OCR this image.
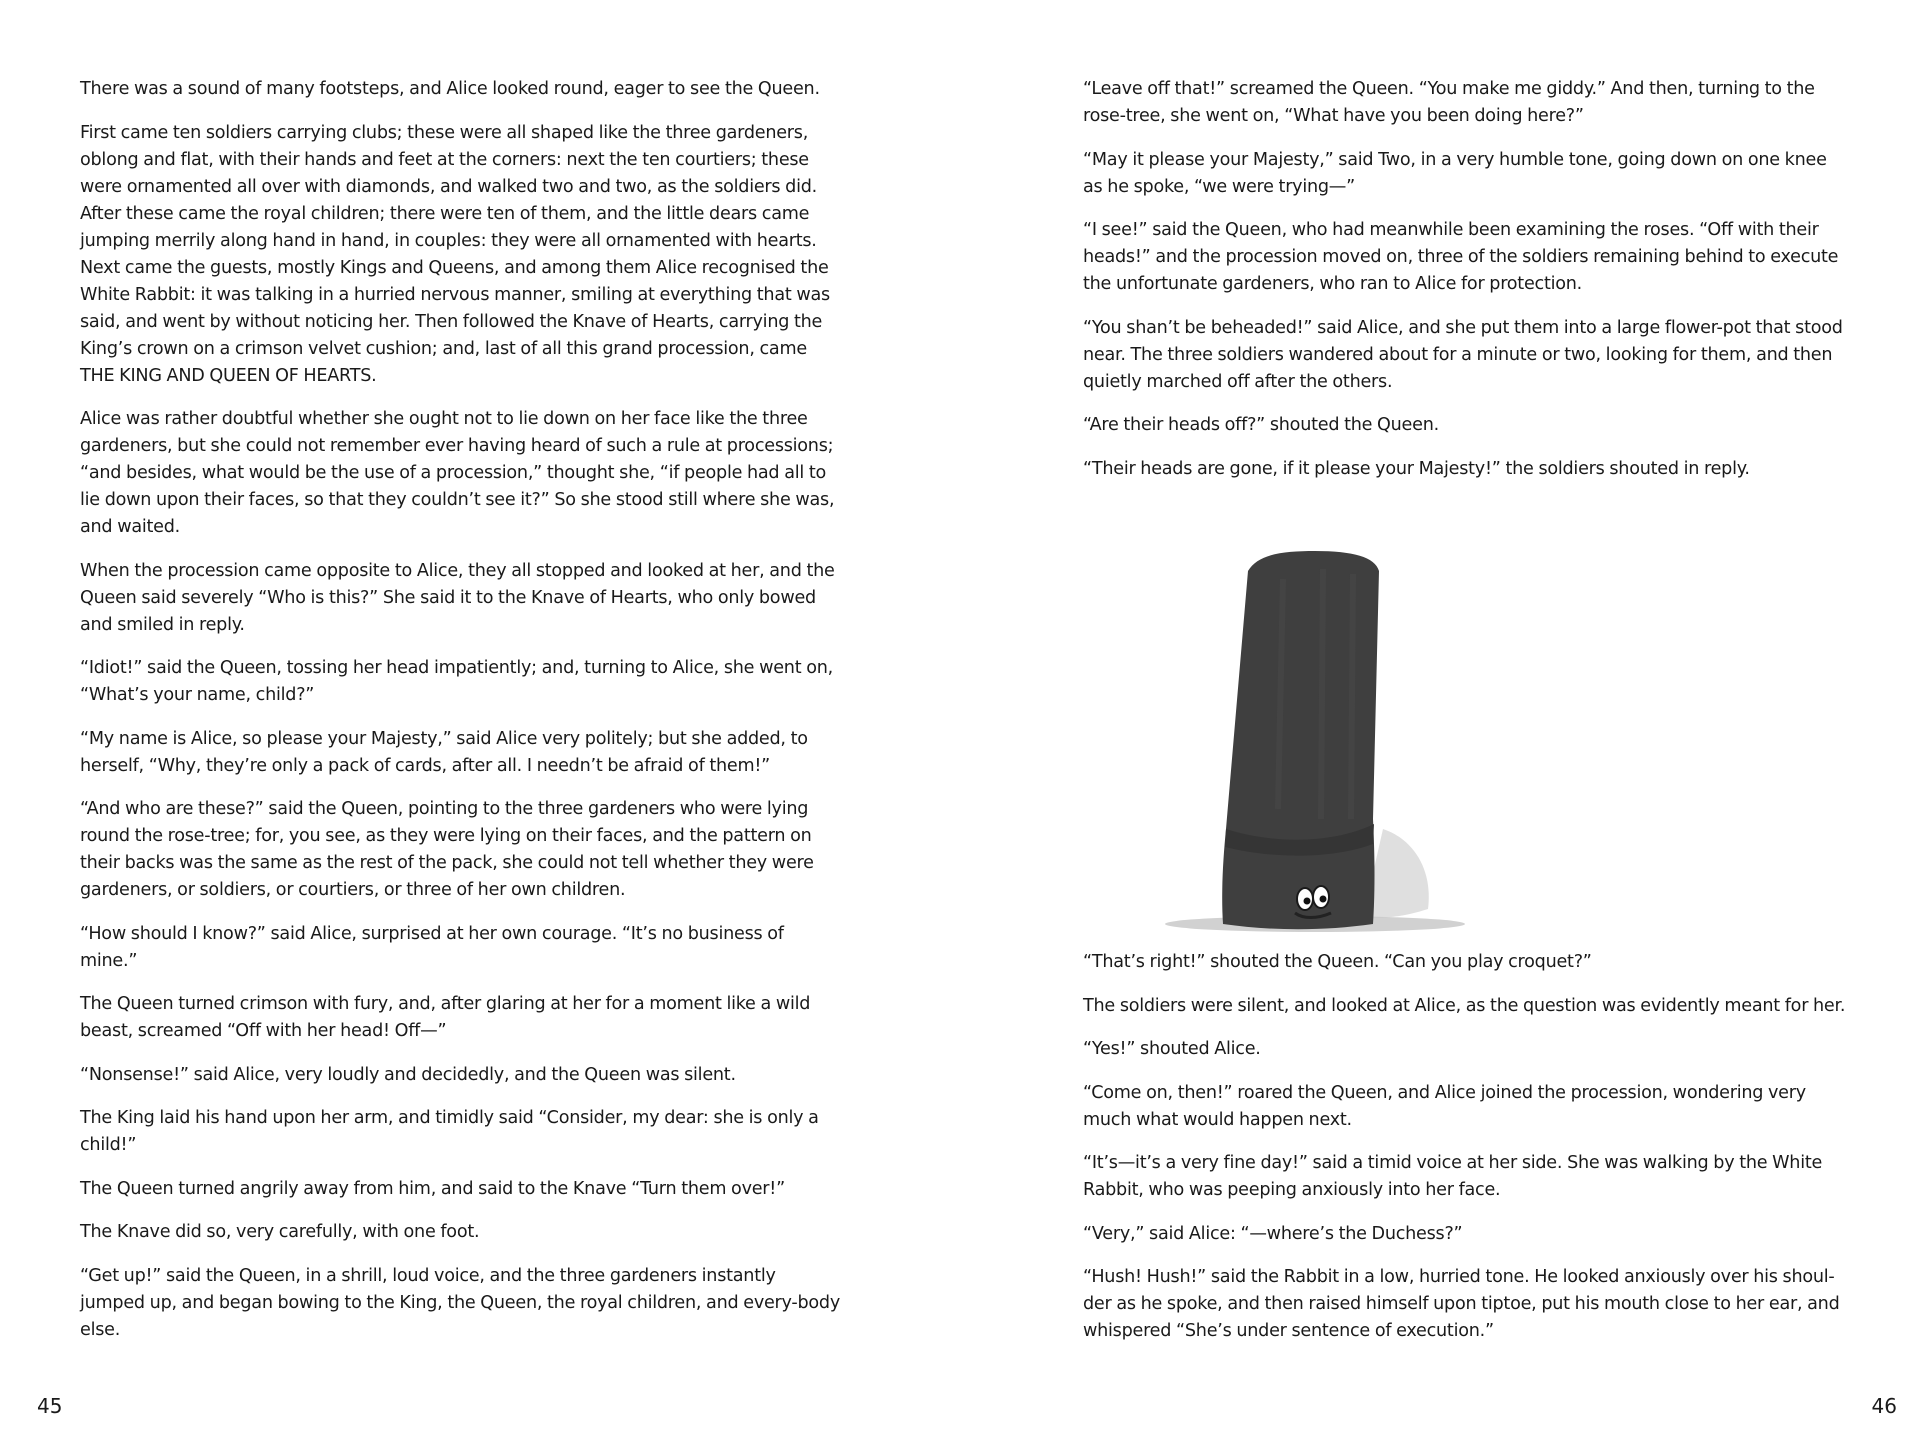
There was a sound of many footsteps, and Alice looked round, eager to see the Queen.

First came ten soldiers carrying clubs; these were all shaped like the three gardeners, oblong and flat, with their hands and feet at the corners: next the ten courtiers; these were ornamented all over with diamonds, and walked two and two, as the soldiers did. After these came the royal children; there were ten of them, and the little dears came jumping merrily along hand in hand, in couples: they were all ornamented with hearts. Next came the guests, mostly Kings and Queens, and among them Alice recognised the White Rabbit: it was talking in a hurried nervous manner, smiling at everything that was said, and went by without noticing her. Then followed the Knave of Hearts, carrying the King’s crown on a crimson velvet cushion; and, last of all this grand procession, came THE KING AND QUEEN OF HEARTS.

Alice was rather doubtful whether she ought not to lie down on her face like the three gardeners, but she could not remember ever having heard of such a rule at processions; “and besides, what would be the use of a procession,” thought she, “if people had all to lie down upon their faces, so that they couldn’t see it?” So she stood still where she was, and waited.

When the procession came opposite to Alice, they all stopped and looked at her, and the Queen said severely “Who is this?” She said it to the Knave of Hearts, who only bowed and smiled in reply.

“Idiot!” said the Queen, tossing her head impatiently; and, turning to Alice, she went on, “What’s your name, child?”

“My name is Alice, so please your Majesty,” said Alice very politely; but she added, to herself, “Why, they’re only a pack of cards, after all. I needn’t be afraid of them!”

“And who are these?” said the Queen, pointing to the three gardeners who were lying round the rose-tree; for, you see, as they were lying on their faces, and the pattern on their backs was the same as the rest of the pack, she could not tell whether they were gardeners, or soldiers, or courtiers, or three of her own children.

“How should I know?” said Alice, surprised at her own courage. “It’s no business of mine.”

The Queen turned crimson with fury, and, after glaring at her for a moment like a wild beast, screamed “Off with her head! Off—”

“Nonsense!” said Alice, very loudly and decidedly, and the Queen was silent.

The King laid his hand upon her arm, and timidly said “Consider, my dear: she is only a child!”

The Queen turned angrily away from him, and said to the Knave “Turn them over!”

The Knave did so, very carefully, with one foot.

“Get up!” said the Queen, in a shrill, loud voice, and the three gardeners instantly jumped up, and began bowing to the King, the Queen, the royal children, and every-body else.

45

“Leave off that!” screamed the Queen. “You make me giddy.” And then, turning to the rose-tree, she went on, “What have you been doing here?”

“May it please your Majesty,” said Two, in a very humble tone, going down on one knee as he spoke, “we were trying—”

“I see!” said the Queen, who had meanwhile been examining the roses. “Off with their heads!” and the procession moved on, three of the soldiers remaining behind to execute the unfortunate gardeners, who ran to Alice for protection.

“You shan’t be beheaded!” said Alice, and she put them into a large flower-pot that stood near. The three soldiers wandered about for a minute or two, looking for them, and then quietly marched off after the others.

“Are their heads off?” shouted the Queen.

“Their heads are gone, if it please your Majesty!” the soldiers shouted in reply.

“That’s right!” shouted the Queen. “Can you play croquet?”

The soldiers were silent, and looked at Alice, as the question was evidently meant for her.

“Yes!” shouted Alice.

“Come on, then!” roared the Queen, and Alice joined the procession, wondering very much what would happen next.

“It’s—it’s a very fine day!” said a timid voice at her side. She was walking by the White Rabbit, who was peeping anxiously into her face.

“Very,” said Alice: “—where’s the Duchess?”

“Hush! Hush!” said the Rabbit in a low, hurried tone. He looked anxiously over his shoul-der as he spoke, and then raised himself upon tiptoe, put his mouth close to her ear, and whispered “She’s under sentence of execution.”

46
